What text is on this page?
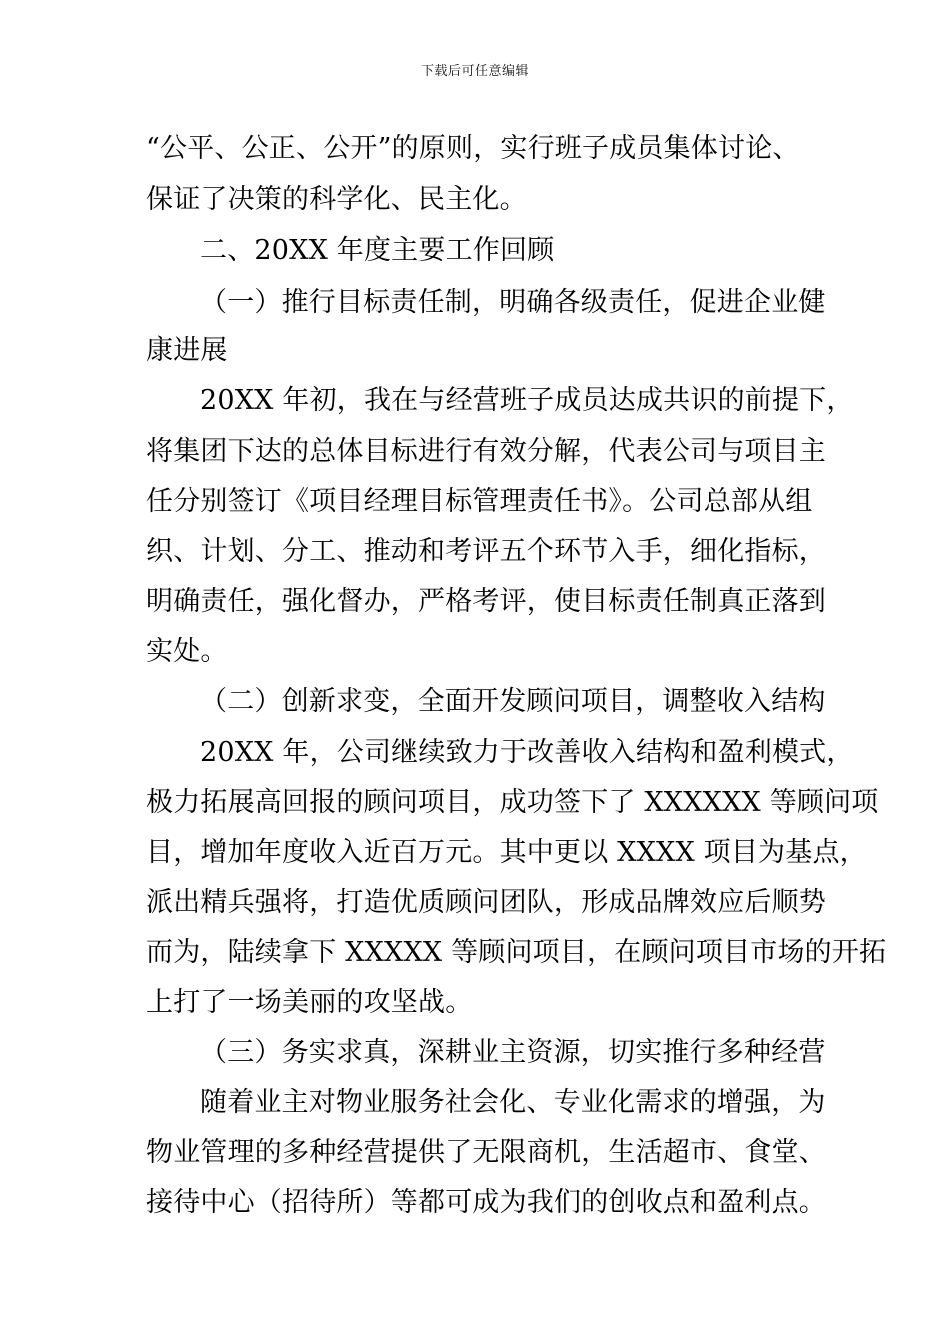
下载后可任意编辑
“公平、公正、公开”的原则，实行班子成员集体讨论、
保证了决策的科学化、民主化。
二、20XX 年度主要工作回顾
（一）推行目标责任制，明确各级责任，促进企业健
康进展
20XX 年初，我在与经营班子成员达成共识的前提下，
将集团下达的总体目标进行有效分解，代表公司与项目主
任分别签订《项目经理目标管理责任书》。公司总部从组
织、计划、分工、推动和考评五个环节入手，细化指标，
明确责任，强化督办，严格考评，使目标责任制真正落到
实处。
（二）创新求变，全面开发顾问项目，调整收入结构
20XX 年，公司继续致力于改善收入结构和盈利模式，
极力拓展高回报的顾问项目，成功签下了 XXXXXX 等顾问项
目，增加年度收入近百万元。其中更以 XXXX 项目为基点，
派出精兵强将，打造优质顾问团队，形成品牌效应后顺势
而为，陆续拿下 XXXXX 等顾问项目，在顾问项目市场的开拓
上打了一场美丽的攻坚战。
（三）务实求真，深耕业主资源，切实推行多种经营
随着业主对物业服务社会化、专业化需求的增强，为
物业管理的多种经营提供了无限商机，生活超市、食堂、
接待中心（招待所）等都可成为我们的创收点和盈利点。
